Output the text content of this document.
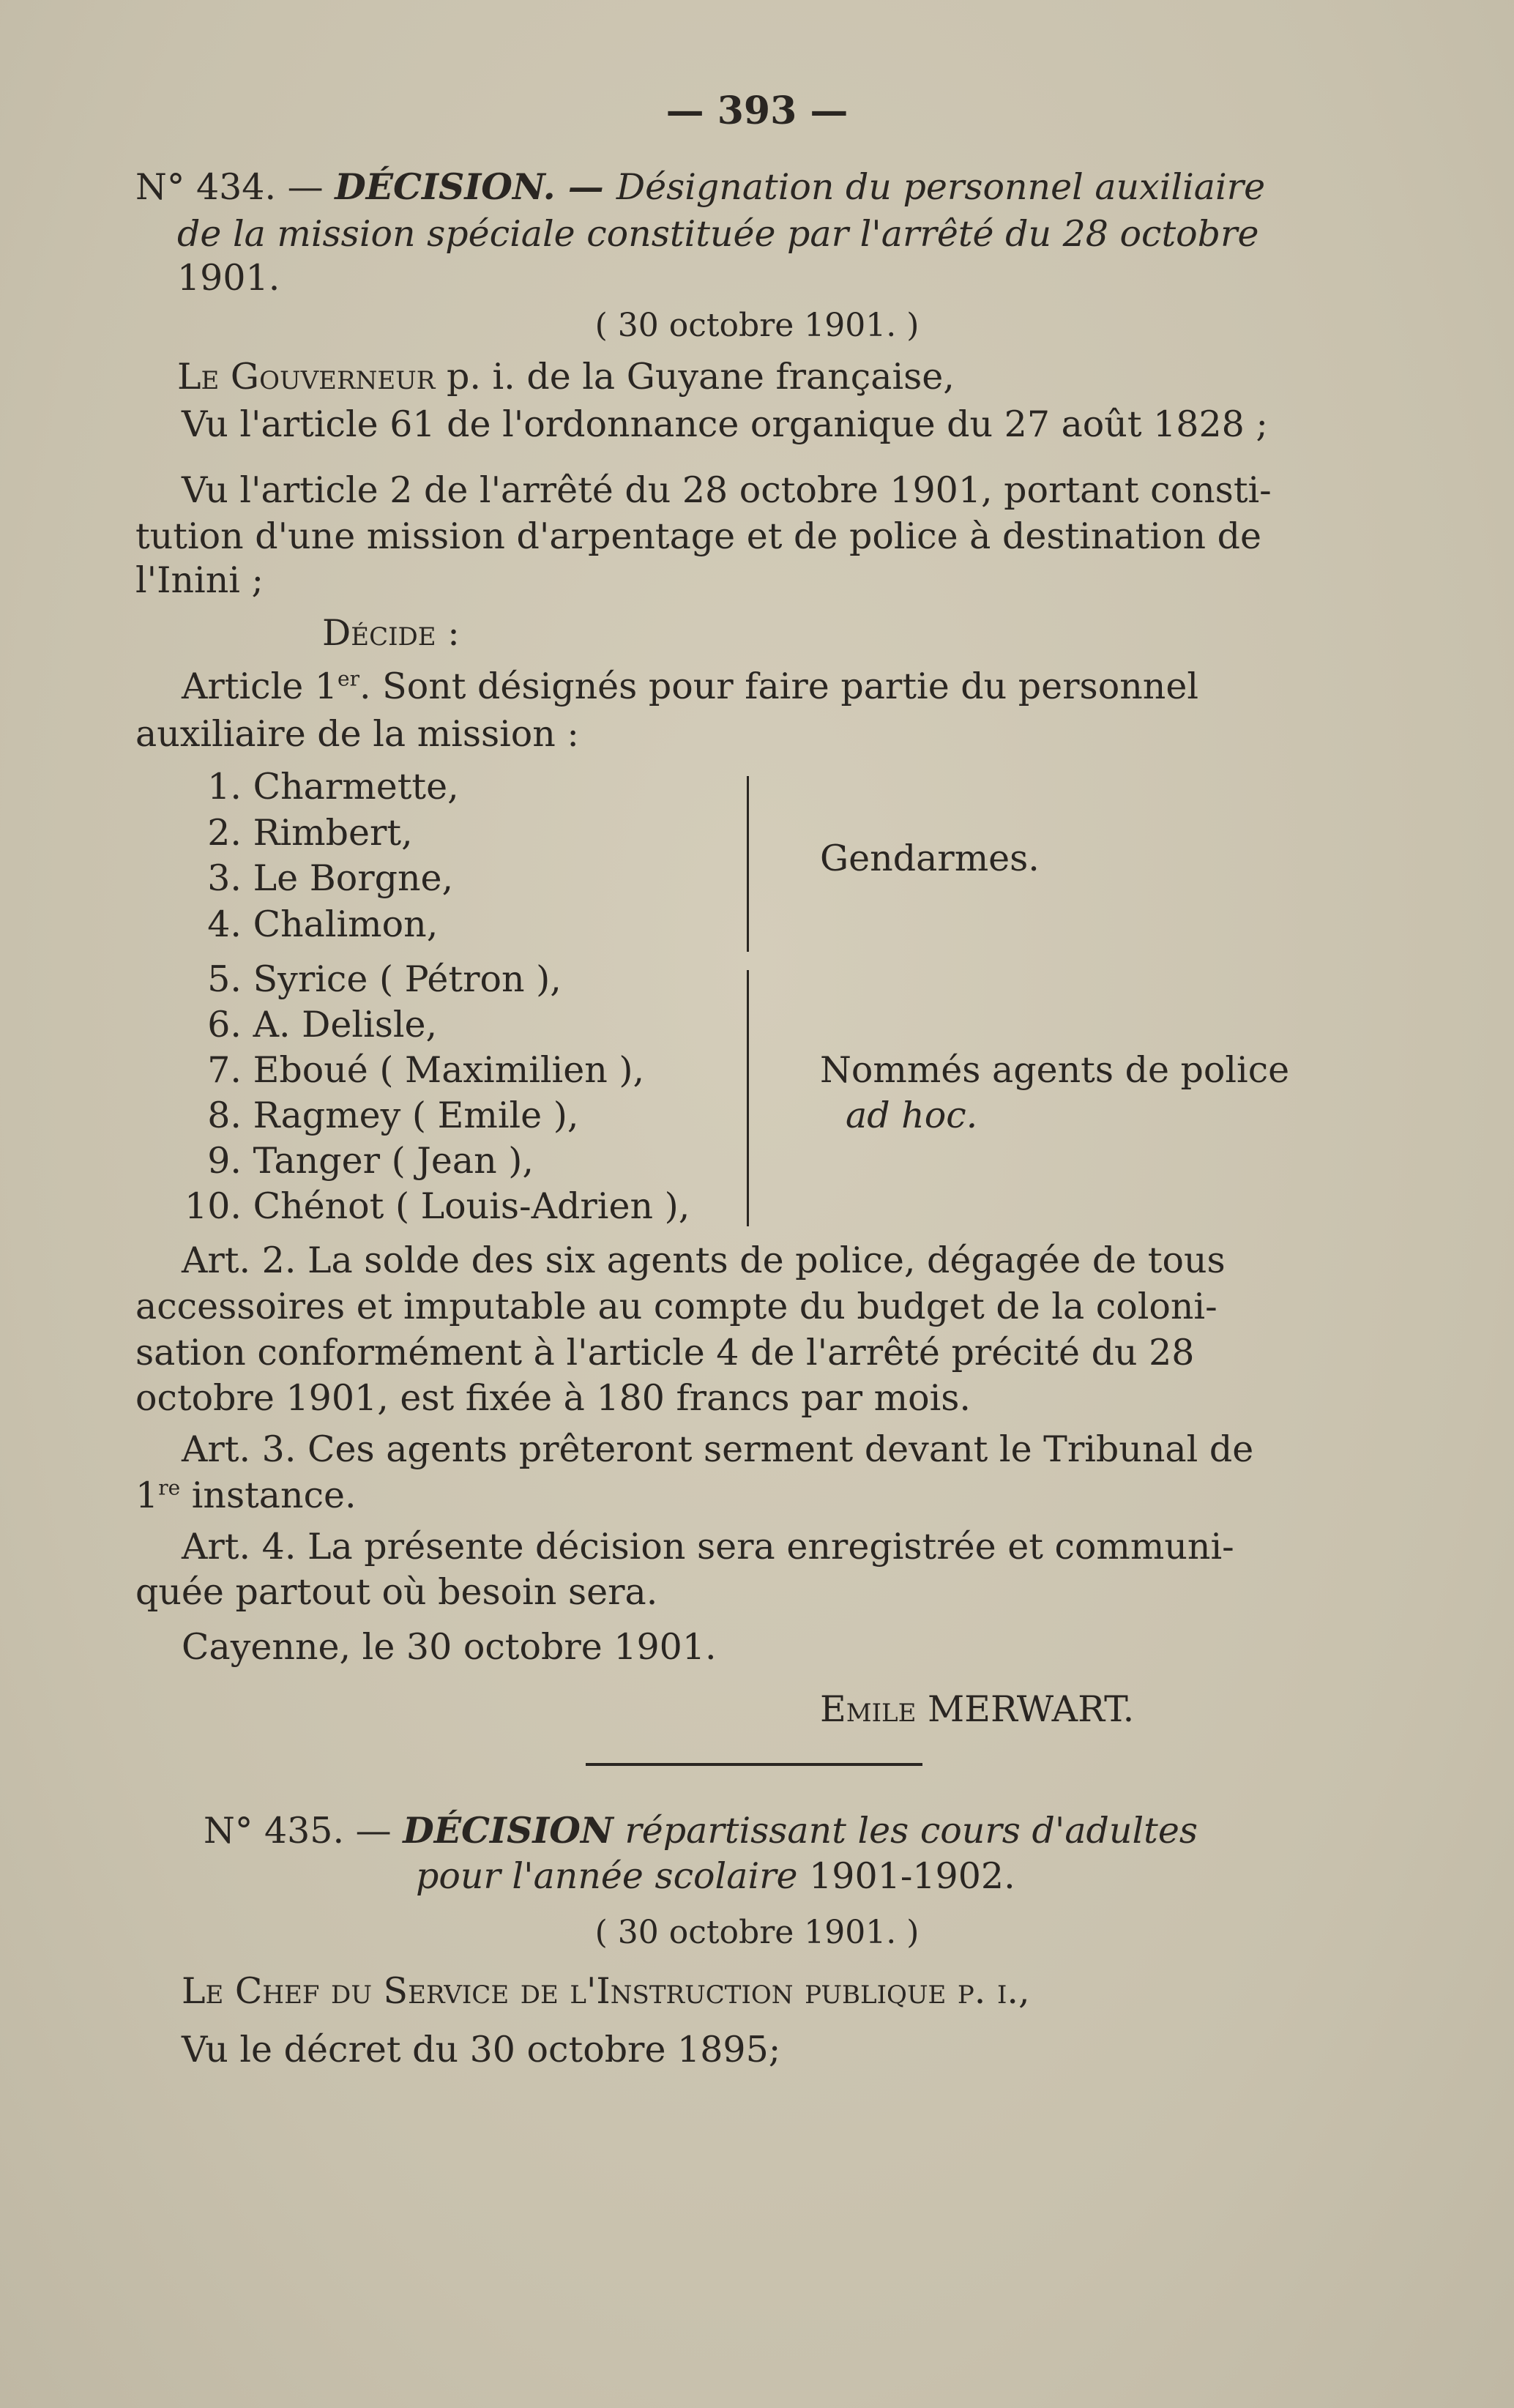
— 393 —
N° 434. — DÉCISION. — Désignation du personnel auxiliaire
de la mission spéciale constituée par l'arrêté du 28 octobre
1901.
( 30 octobre 1901. )
Le Gouverneur p. i. de la Guyane française,
Vu l'article 61 de l'ordonnance organique du 27 août 1828 ;
Vu l'article 2 de l'arrêté du 28 octobre 1901, portant consti-
tution d'une mission d'arpentage et de police à destination de
l'Inini ;
Décide :
Article 1er. Sont désignés pour faire partie du personnel
auxiliaire de la mission :
1. Charmette,
2. Rimbert,
3. Le Borgne,
4. Chalimon,
Gendarmes.
5. Syrice ( Pétron ),
6. A. Delisle,
7. Eboué ( Maximilien ),
8. Ragmey ( Emile ),
9. Tanger ( Jean ),
10. Chénot ( Louis-Adrien ),
Nommés agents de police
ad hoc.
Art. 2. La solde des six agents de police, dégagée de tous
accessoires et imputable au compte du budget de la coloni-
sation conformément à l'article 4 de l'arrêté précité du 28
octobre 1901, est fixée à 180 francs par mois.
Art. 3. Ces agents prêteront serment devant le Tribunal de
1re instance.
Art. 4. La présente décision sera enregistrée et communi-
quée partout où besoin sera.
Cayenne, le 30 octobre 1901.
Emile MERWART.
N° 435. — DÉCISION répartissant les cours d'adultes
pour l'année scolaire 1901-1902.
( 30 octobre 1901. )
Le Chef du Service de l'Instruction publique p. i.,
Vu le décret du 30 octobre 1895;
